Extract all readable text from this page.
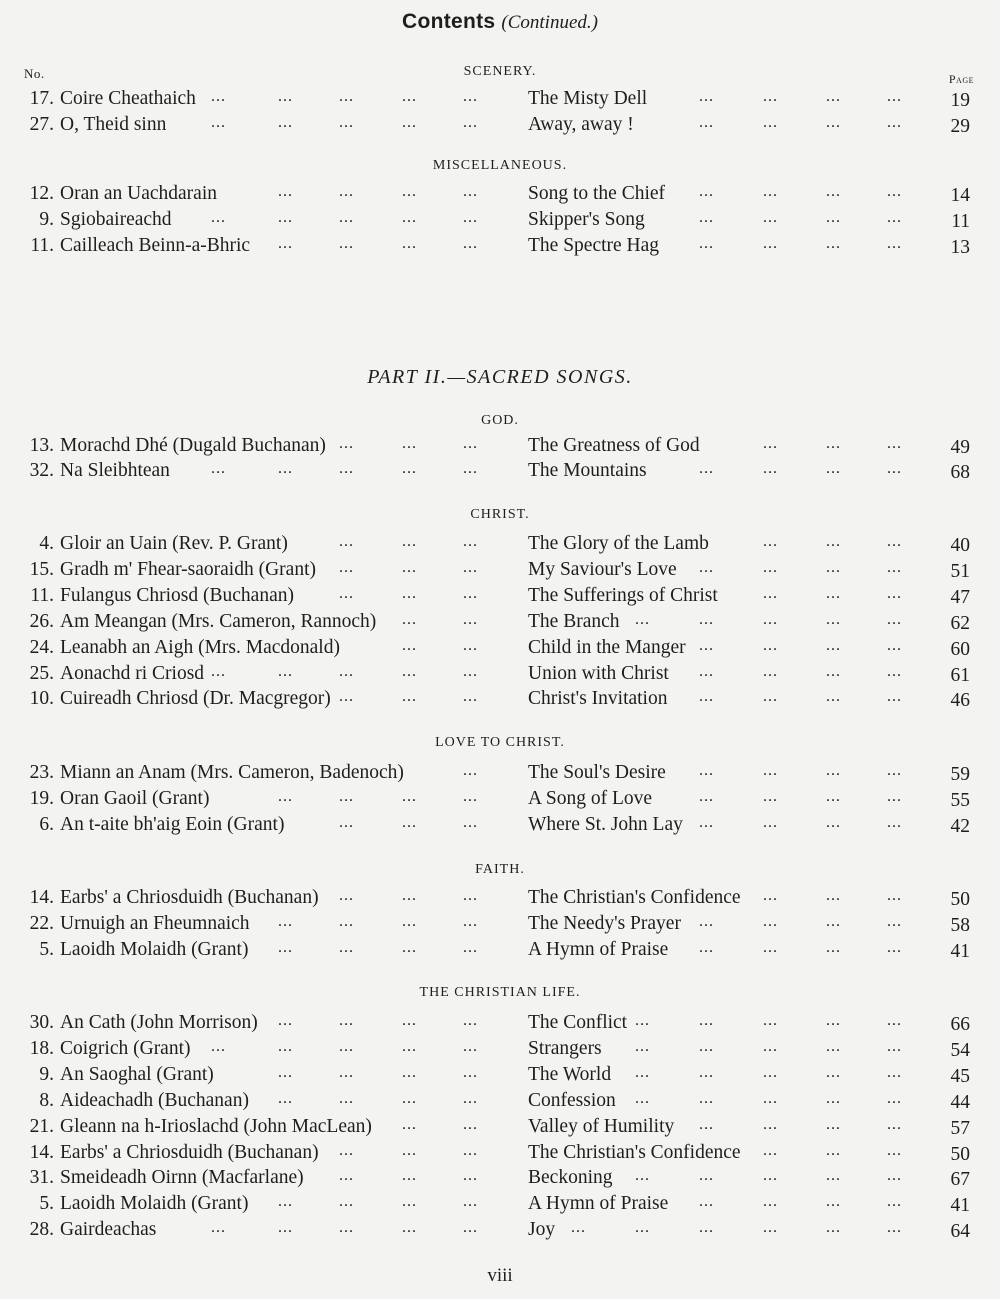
Contents (Continued.)
No.	Page
PART II.—SACRED SONGS.
SCENERY.
17. Coire Cheathaich	The Misty Dell	19
...	...	...	...	...	...	...	...	...
27. O, Theid sinn	Away, away !	29
...	...	...	...	...	...	...	...	...
MISCELLANEOUS.
12. Oran an Uachdarain	Song to the Chief	14
...	...	...	...	...	...	...	...
9. Sgiobaireachd	Skipper's Song	11
...	...	...	...	...	...	...	...	...
11. Cailleach Beinn-a-Bhric	The Spectre Hag	13
...	...	...	...	...	...	...	...
GOD.
13. Morachd Dhé (Dugald Buchanan)	The Greatness of God	49
...	...	...	...	...	...
32. Na Sleibhtean	The Mountains	68
...	...	...	...	...	...	...	...	...
CHRIST.
4. Gloir an Uain (Rev. P. Grant)	The Glory of the Lamb	40
...	...	...	...	...	...
15. Gradh m' Fhear-saoraidh (Grant)	My Saviour's Love	51
...	...	...	...	...	...	...
11. Fulangus Chriosd (Buchanan)	The Sufferings of Christ	47
...	...	...	...	...	...
26. Am Meangan (Mrs. Cameron, Rannoch)	The Branch	62
...	...	...	...	...	...	...
24. Leanabh an Aigh (Mrs. Macdonald)	Child in the Manger	60
...	...	...	...	...	...
25. Aonachd ri Criosd	Union with Christ	61
...	...	...	...	...	...	...	...	...
10. Cuireadh Chriosd (Dr. Macgregor)	Christ's Invitation	46
...	...	...	...	...	...	...
LOVE TO CHRIST.
23. Miann an Anam (Mrs. Cameron, Badenoch)	The Soul's Desire	59
...	...	...	...	...
19. Oran Gaoil (Grant)	A Song of Love	55
...	...	...	...	...	...	...	...
6. An t-aite bh'aig Eoin (Grant)	Where St. John Lay	42
...	...	...	...	...	...	...
FAITH.
14. Earbs' a Chriosduidh (Buchanan)	The Christian's Confidence	50
...	...	...	...	...	...
22. Urnuigh an Fheumnaich	The Needy's Prayer	58
...	...	...	...	...	...	...	...
5. Laoidh Molaidh (Grant)	A Hymn of Praise	41
...	...	...	...	...	...	...	...
THE CHRISTIAN LIFE.
30. An Cath (John Morrison)	The Conflict	66
...	...	...	...	...	...	...	...	...
18. Coigrich (Grant)	Strangers	54
...	...	...	...	...	...	...	...	...	...
9. An Saoghal (Grant)	The World	45
...	...	...	...	...	...	...	...	...
8. Aideachadh (Buchanan)	Confession	44
...	...	...	...	...	...	...	...	...
21. Gleann na h-Irioslachd (John MacLean)	Valley of Humility	57
...	...	...	...	...	...
14. Earbs' a Chriosduidh (Buchanan)	The Christian's Confidence	50
...	...	...	...	...	...
31. Smeideadh Oirnn (Macfarlane)	Beckoning	67
...	...	...	...	...	...	...	...
5. Laoidh Molaidh (Grant)	A Hymn of Praise	41
...	...	...	...	...	...	...	...
28. Gairdeachas	Joy	64
...	...	...	...	...	...	...	...	...	...	...
viii
